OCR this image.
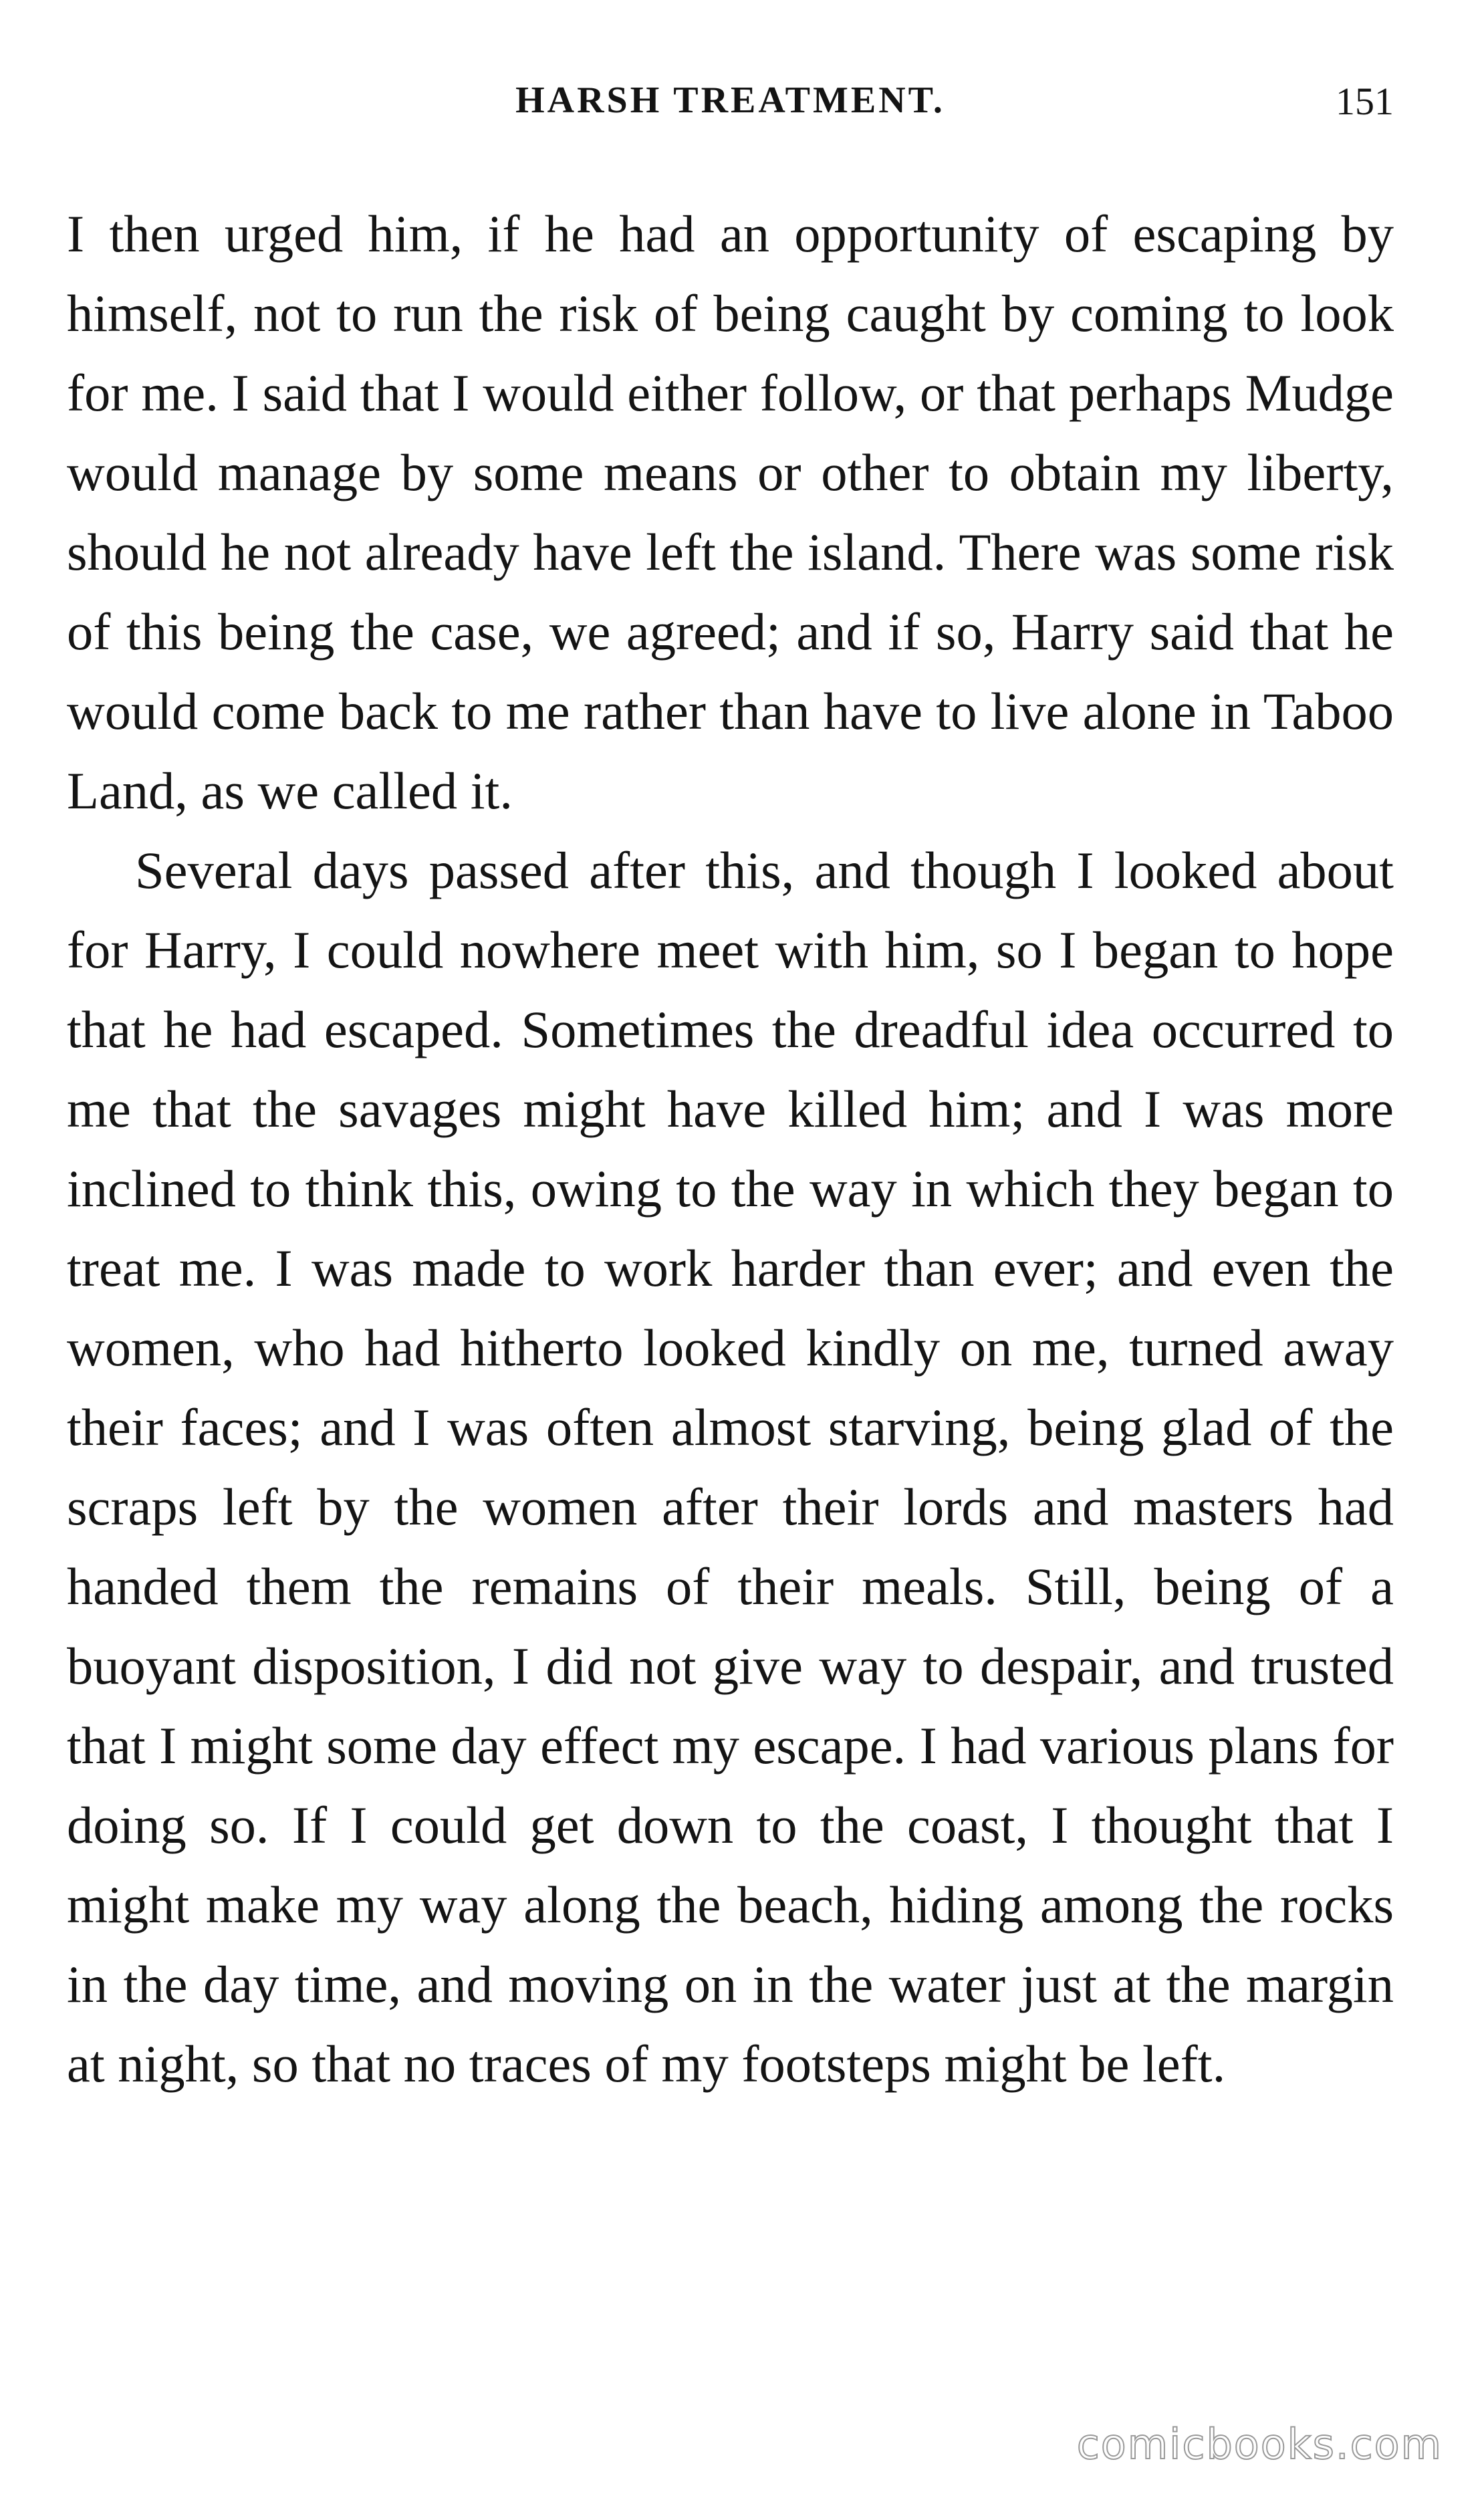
HARSH TREATMENT.	151

I then urged him, if he had an opportunity of escaping by himself, not to run the risk of being caught by coming to look for me. I said that I would either follow, or that perhaps Mudge would manage by some means or other to obtain my liberty, should he not already have left the island. There was some risk of this being the case, we agreed; and if so, Harry said that he would come back to me rather than have to live alone in Taboo Land, as we called it.

Several days passed after this, and though I looked about for Harry, I could nowhere meet with him, so I began to hope that he had escaped. Sometimes the dreadful idea occurred to me that the savages might have killed him; and I was more inclined to think this, owing to the way in which they began to treat me. I was made to work harder than ever; and even the women, who had hitherto looked kindly on me, turned away their faces; and I was often almost starving, being glad of the scraps left by the women after their lords and masters had handed them the remains of their meals. Still, being of a buoyant disposition, I did not give way to despair, and trusted that I might some day effect my escape. I had various plans for doing so. If I could get down to the coast, I thought that I might make my way along the beach, hiding among the rocks in the day time, and moving on in the water just at the margin at night, so that no traces of my footsteps might be left.

comicbooks.com
